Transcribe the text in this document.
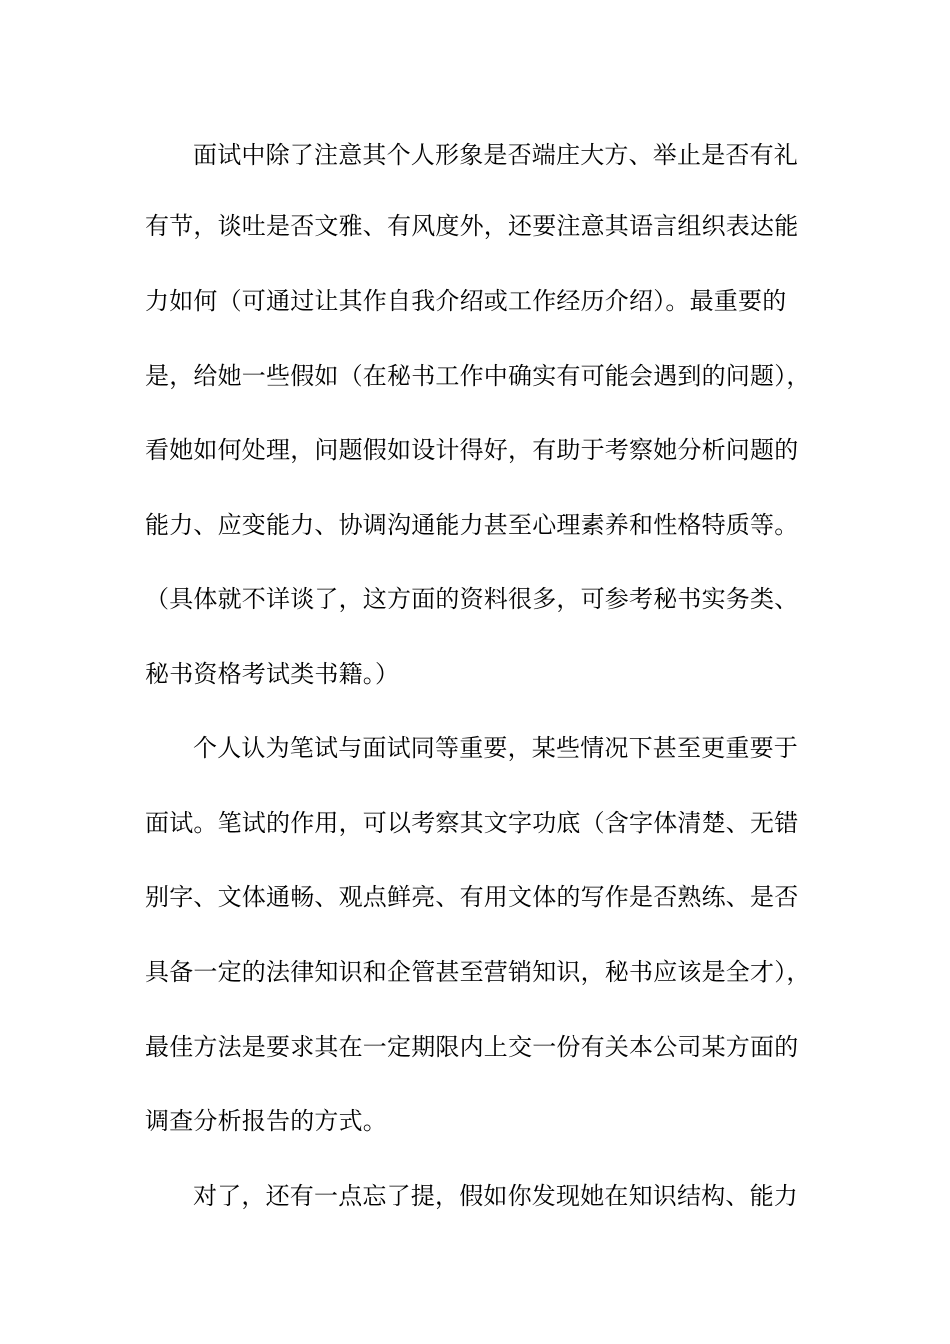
面试中除了注意其个人形象是否端庄大方、举止是否有礼
有节，谈吐是否文雅、有风度外，还要注意其语言组织表达能
力如何（可通过让其作自我介绍或工作经历介绍）。最重要的
是，给她一些假如（在秘书工作中确实有可能会遇到的问题），
看她如何处理，问题假如设计得好，有助于考察她分析问题的
能力、应变能力、协调沟通能力甚至心理素养和性格特质等。
（具体就不详谈了，这方面的资料很多，可参考秘书实务类、
秘书资格考试类书籍。）
个人认为笔试与面试同等重要，某些情况下甚至更重要于
面试。笔试的作用，可以考察其文字功底（含字体清楚、无错
别字、文体通畅、观点鲜亮、有用文体的写作是否熟练、是否
具备一定的法律知识和企管甚至营销知识，秘书应该是全才），
最佳方法是要求其在一定期限内上交一份有关本公司某方面的
调查分析报告的方式。
对了，还有一点忘了提，假如你发现她在知识结构、能力
